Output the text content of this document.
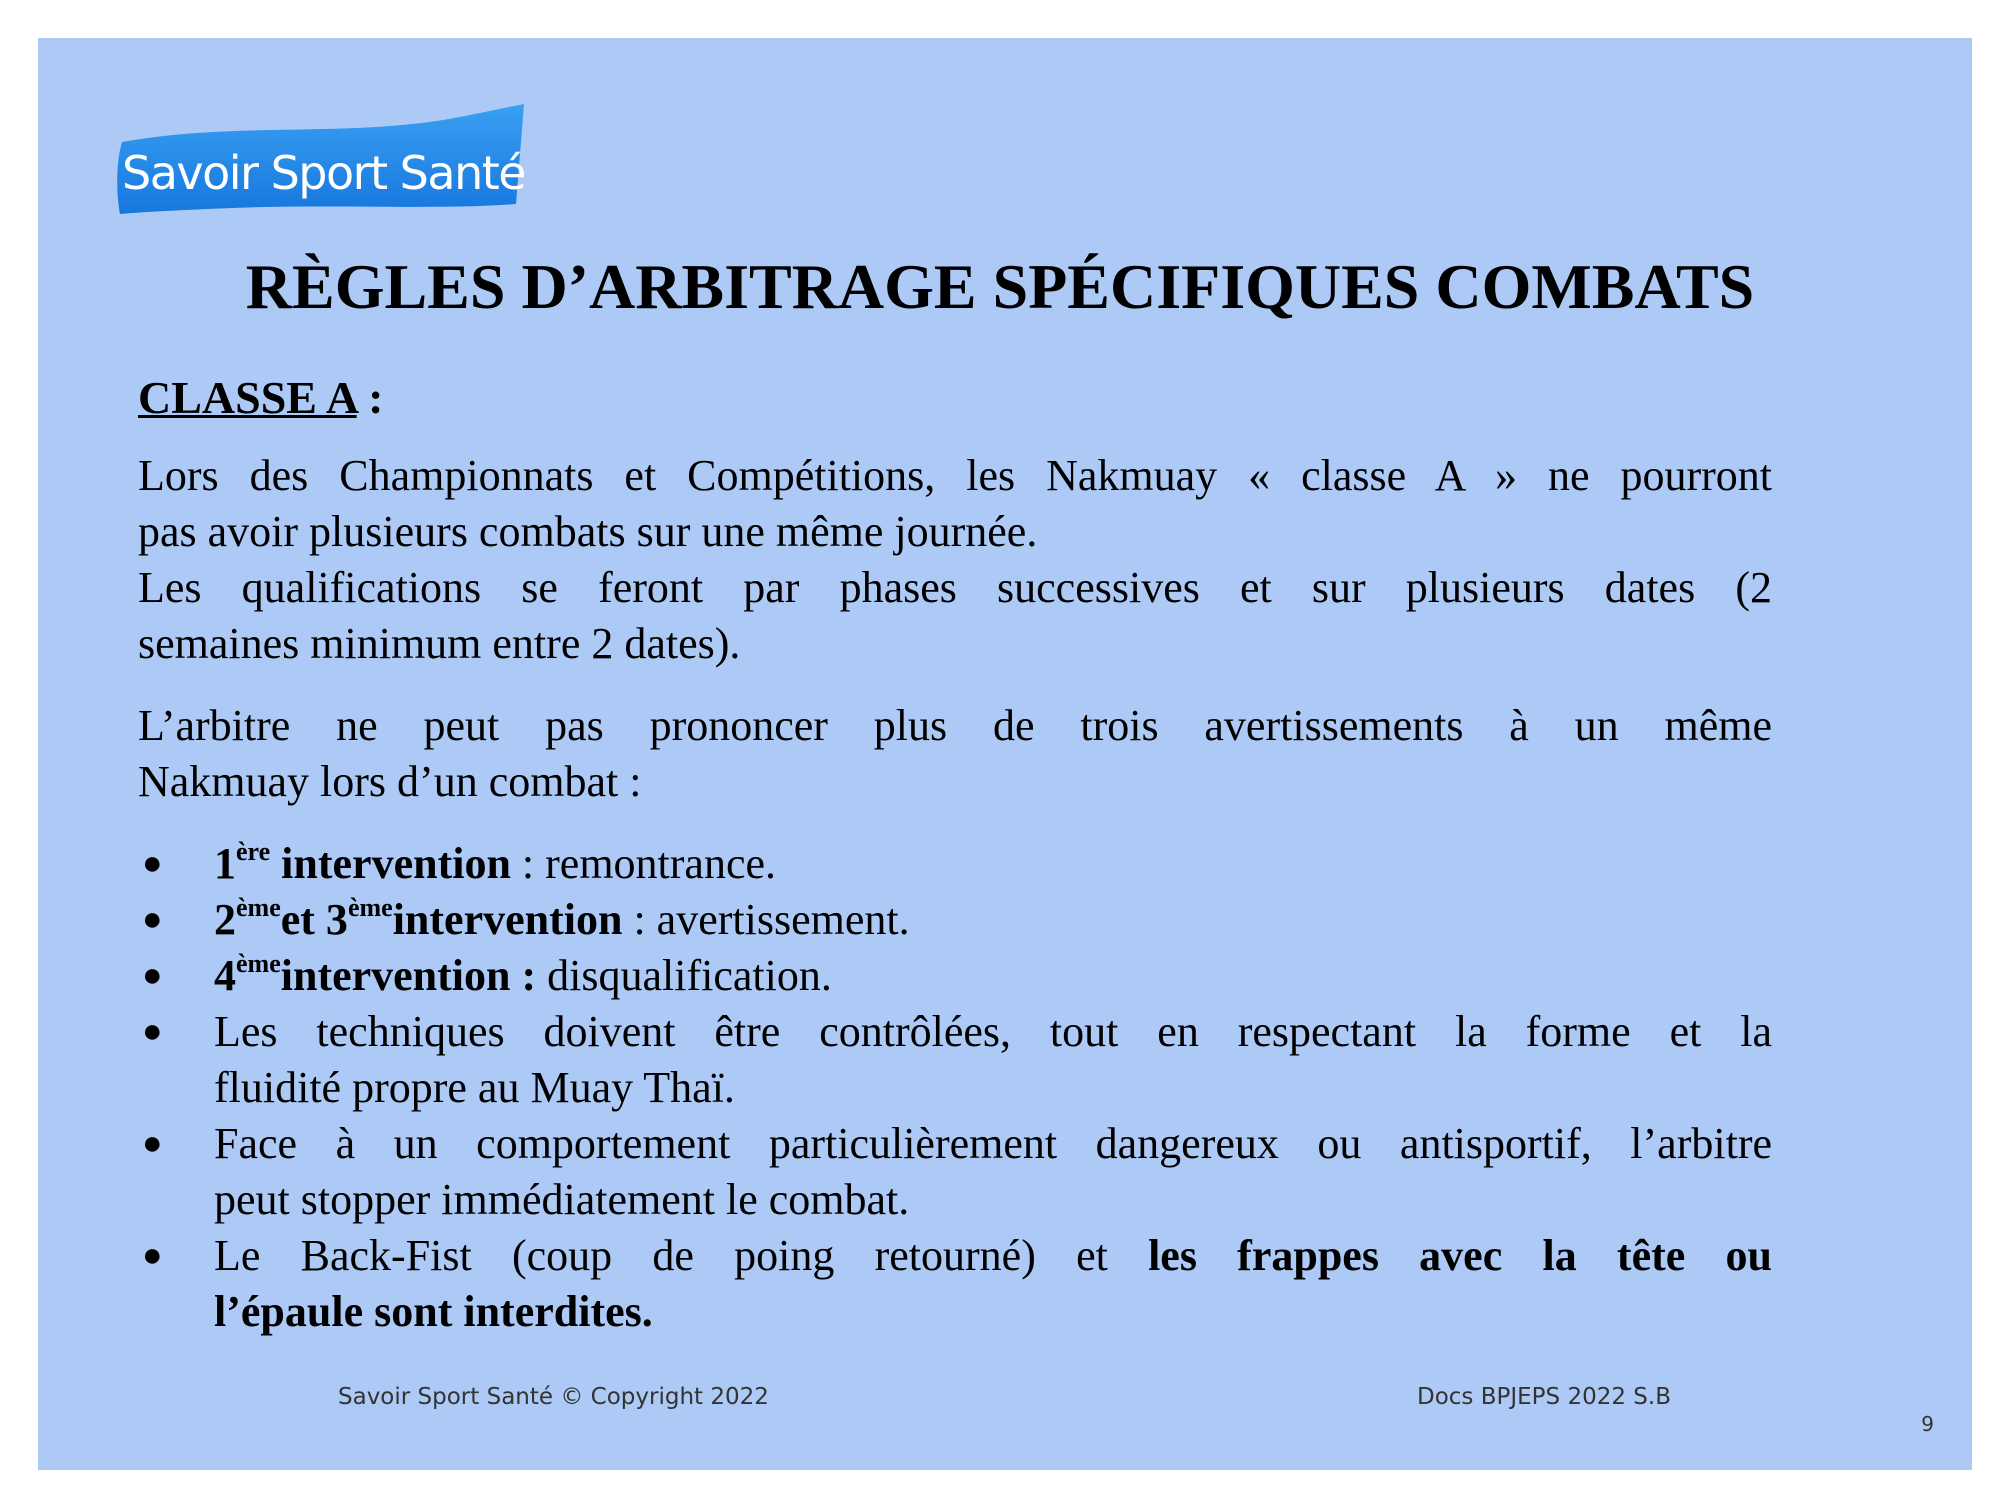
Savoir Sport Santé
RÈGLES D’ARBITRAGE SPÉCIFIQUES COMBATS
CLASSE A :
Lors des Championnats et Compétitions, les Nakmuay « classe A » ne pourront
pas avoir plusieurs combats sur une même journée.
Les qualifications se feront par phases successives et sur plusieurs dates (2
semaines minimum entre 2 dates).
L’arbitre ne peut pas prononcer plus de trois avertissements à un même
Nakmuay lors d’un combat :
● 1ère intervention : remontrance.
● 2èmeet 3èmeintervention : avertissement.
● 4èmeintervention : disqualification.
● Les techniques doivent être contrôlées, tout en respectant la forme et la
fluidité propre au Muay Thaï.
● Face à un comportement particulièrement dangereux ou antisportif, l’arbitre
peut stopper immédiatement le combat.
● Le Back-Fist (coup de poing retourné) et les frappes avec la tête ou
l’épaule sont interdites.
Savoir Sport Santé © Copyright 2022	Docs BPJEPS 2022 S.B
9
